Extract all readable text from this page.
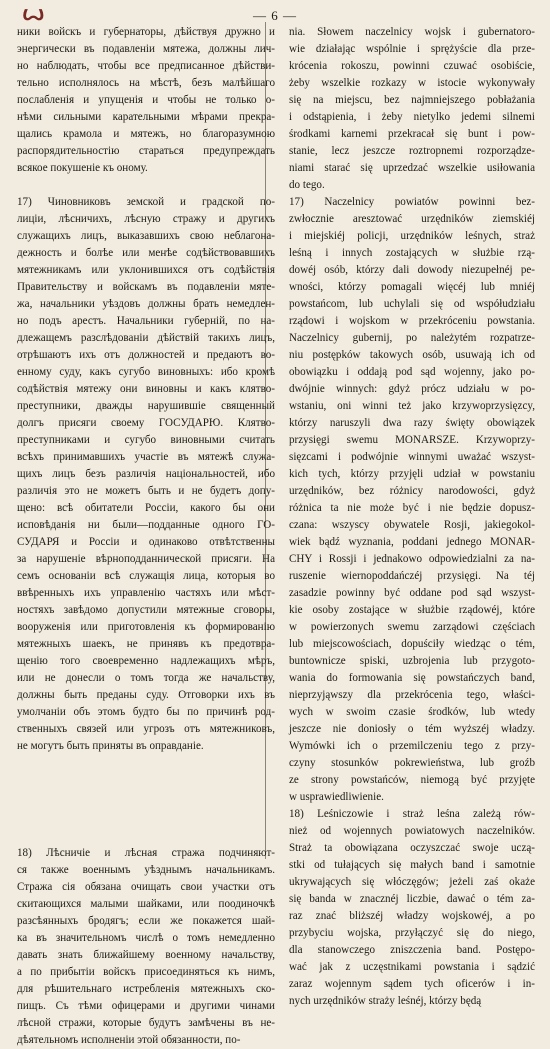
ꙍ	— 6 —
ники войскъ и губернаторы, дѣйствуя дружно и
энергически въ подавленіи мятежа, должны лич-
но наблюдать, чтобы все предписанное дѣйстви-
тельно исполнялось на мѣстѣ, безъ малѣйшаго
послабленія и упущенія и чтобы не только о-
нѣми сильными карательными мѣрами прекра-
щались крамола и мятежъ, но благоразумною
распорядительностію стараться предупреждать
всякое покушеніе къ оному.
17) Чиновниковъ земской и градской по-
лиціи, лѣсничихъ, лѣсную стражу и другихъ
служащихъ лицъ, выказавшихъ свою неблагона-
дежность и болѣе или менѣе содѣйствовавшихъ
мятежникамъ или уклонившихся отъ содѣйствія
Правительству и войскамъ въ подавленіи мяте-
жа, начальники уѣздовъ должны брать немедлен-
но подъ арестъ. Начальники губерній, по на-
длежащемъ разслѣдованіи дѣйствій такихъ лицъ,
отрѣшаютъ ихъ отъ должностей и предаютъ во-
енному суду, какъ сугубо виновныхъ: ибо кромѣ
содѣйствія мятежу они виновны и какъ клятво-
преступники, дважды нарушившіе священный
долгъ присяги своему ГОСУДАРЮ. Клятво-
преступниками и сугубо виновными считать
всѣхъ принимавшихъ участіе въ мятежѣ служа-
щихъ лицъ безъ различія національностей, ибо
различія это не можетъ быть и не будетъ допу-
щено: всѣ обитатели Россіи, какого бы они
исповѣданія ни были—подданные одного ГО-
СУДАРЯ и Россіи и одинаково отвѣтственны
за нарушеніе вѣрноподданнической присяги. На
семъ основаніи всѣ служащія лица, которыя во
ввѣренныхъ ихъ управленію частяхъ или мѣст-
ностяхъ завѣдомо допустили мятежные сговоры,
вооруженія или приготовленія къ формированію
мятежныхъ шаекъ, не принявъ къ предотвра-
щенію того своевременно надлежащихъ мѣръ,
или не донесли о томъ тогда же начальству,
должны быть преданы суду. Отговорки ихъ въ
умолчаніи объ этомъ будто бы по причинѣ род-
ственныхъ связей или угрозъ отъ мятежниковъ,
не могутъ быть приняты въ оправданіе.
18) Лѣсничіе и лѣсная стража подчиняют-
ся также военнымъ уѣзднымъ начальникамъ.
Стража сія обязана очищать свои участки отъ
скитающихся малыми шайками, или поодиночкѣ
разсѣянныхъ бродягъ; если же покажется шай-
ка въ значительномъ числѣ о томъ немедленно
давать знать ближайшему военному начальству,
а по прибытіи войскъ присоединяться къ нимъ,
для рѣшительнаго истребленія мятежныхъ ско-
пищъ. Съ тѣми офицерами и другими чинами
лѣсной стражи, которые будутъ замѣчены въ не-
дѣятельномъ исполненіи этой обязанности, по-
nia. Słowem naczelnicy wojsk i gubernatoro-
wie działając wspólnie i sprężyście dla prze-
krócenia rokoszu, powinni czuwać osobiście,
żeby wszelkie rozkazy w istocie wykonywały
się na miejscu, bez najmniejszego pobłażania
i odstąpienia, i żeby nietylko jedemi silnemi
środkami karnemi przekracał się bunt i pow-
stanie, lecz jeszcze roztropnemi rozporządze-
niami starać się uprzedzać wszelkie usiłowania
do tego.
17) Naczelnicy powiatów powinni bez-
zwłocznie aresztować urzędników ziemskiéj
i miejskiéj policji, urzędników leśnych, straż
leśną i innych zostających w służbie rzą-
dowéj osób, którzy dali dowody niezupełnéj pe-
wności, którzy pomagali więcéj lub mniéj
powstańcom, lub uchylali się od współudziału
rządowi i wojskom w przekróceniu powstania.
Naczelnicy gubernij, po należytém rozpatrze-
niu postępków takowych osób, usuwają ich od
obowiązku i oddają pod sąd wojenny, jako po-
dwójnie winnych: gdyż prócz udziału w po-
wstaniu, oni winni też jako krzywoprzysięzcy,
którzy naruszyli dwa razy święty obowiązek
przysięgi swemu MONARSZE. Krzywoprzy-
sięzcami i podwójnie winnymi uważać wszyst-
kich tych, którzy przyjęli udział w powstaniu
urzędników, bez różnicy narodowości, gdyż
różnica ta nie może być i nie będzie dopusz-
czana: wszyscy obywatele Rosji, jakiegokol-
wiek bądź wyznania, poddani jednego MONAR-
CHY i Rossji i jednakowo odpowiedzialni za na-
ruszenie wiernopoddańczéj przysięgi. Na téj
zasadzie powinny być oddane pod sąd wszyst-
kie osoby zostające w służbie rządowéj, które
w powierzonych swemu zarządowi częściach
lub miejscowościach, dopuściły wiedząc o tém,
buntownicze spiski, uzbrojenia lub przygoto-
wania do formowania się powstańczych band,
nieprzyjąwszy dla przekrócenia tego, właści-
wych w swoim czasie środków, lub wtedy
jeszcze nie doniosły o tém wyższéj władzy.
Wymówki ich o przemilczeniu tego z przy-
czyny stosunków pokrewieństwa, lub groźb
ze strony powstańców, niemogą być przyjęte
w usprawiedliwienie.
18) Leśniczowie i straż leśna zależą rów-
nież od wojennych powiatowych naczelników.
Straż ta obowiązana oczyszczać swoje uczą-
stki od tułających się małych band i samotnie
ukrywających się włóczęgów; jeżeli zaś okaże
się banda w znacznéj liczbie, dawać o tém za-
raz znać bliższéj władzy wojskowéj, a po
przybyciu wojska, przyłączyć się do niego,
dla stanowczego zniszczenia band. Postępo-
wać jak z uczęstnikami powstania i sądzić
zaraz wojennym sądem tych oficerów i in-
nych urzędników straży leśnéj, którzy będą
